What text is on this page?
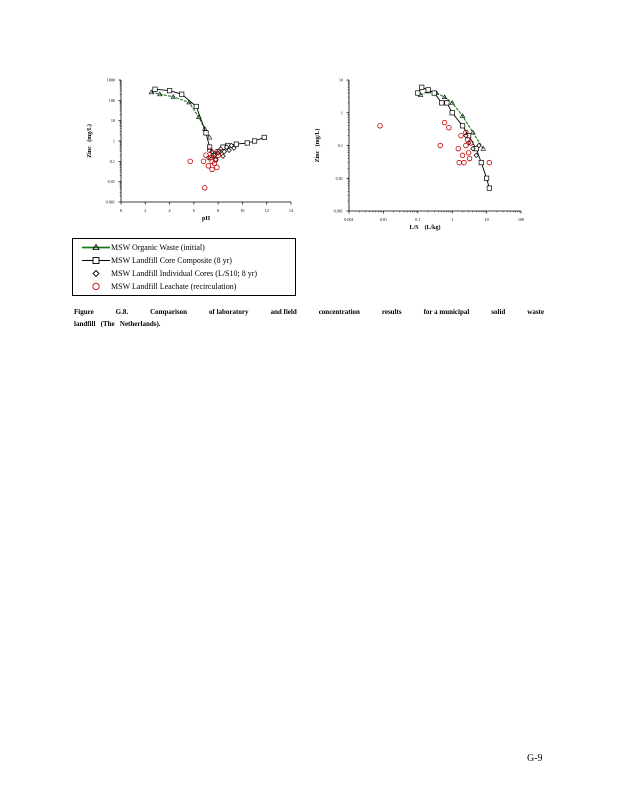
0.001
0.01
0.1
1
10
100
1000
0	2	4	6	8	10	12	14
pH
Zinc   (mg/L)
0.001
0.01
0.1
1
10
0.001	0.01	0.1	1	10	100
L/S    (L/kg)
Zinc   (mg/L)
MSW Organic Waste (initial)
MSW Landfill Core Composite (8 yr)
MSW Landfill Individual Cores (L/S10; 8 yr)
MSW Landfill Leachate (recirculation)
Figure	G.8.	Comparison	of laboratory	and field	concentration	results	for a municipal	solid	waste
landfill   (The   Netherlands).
G‑9
